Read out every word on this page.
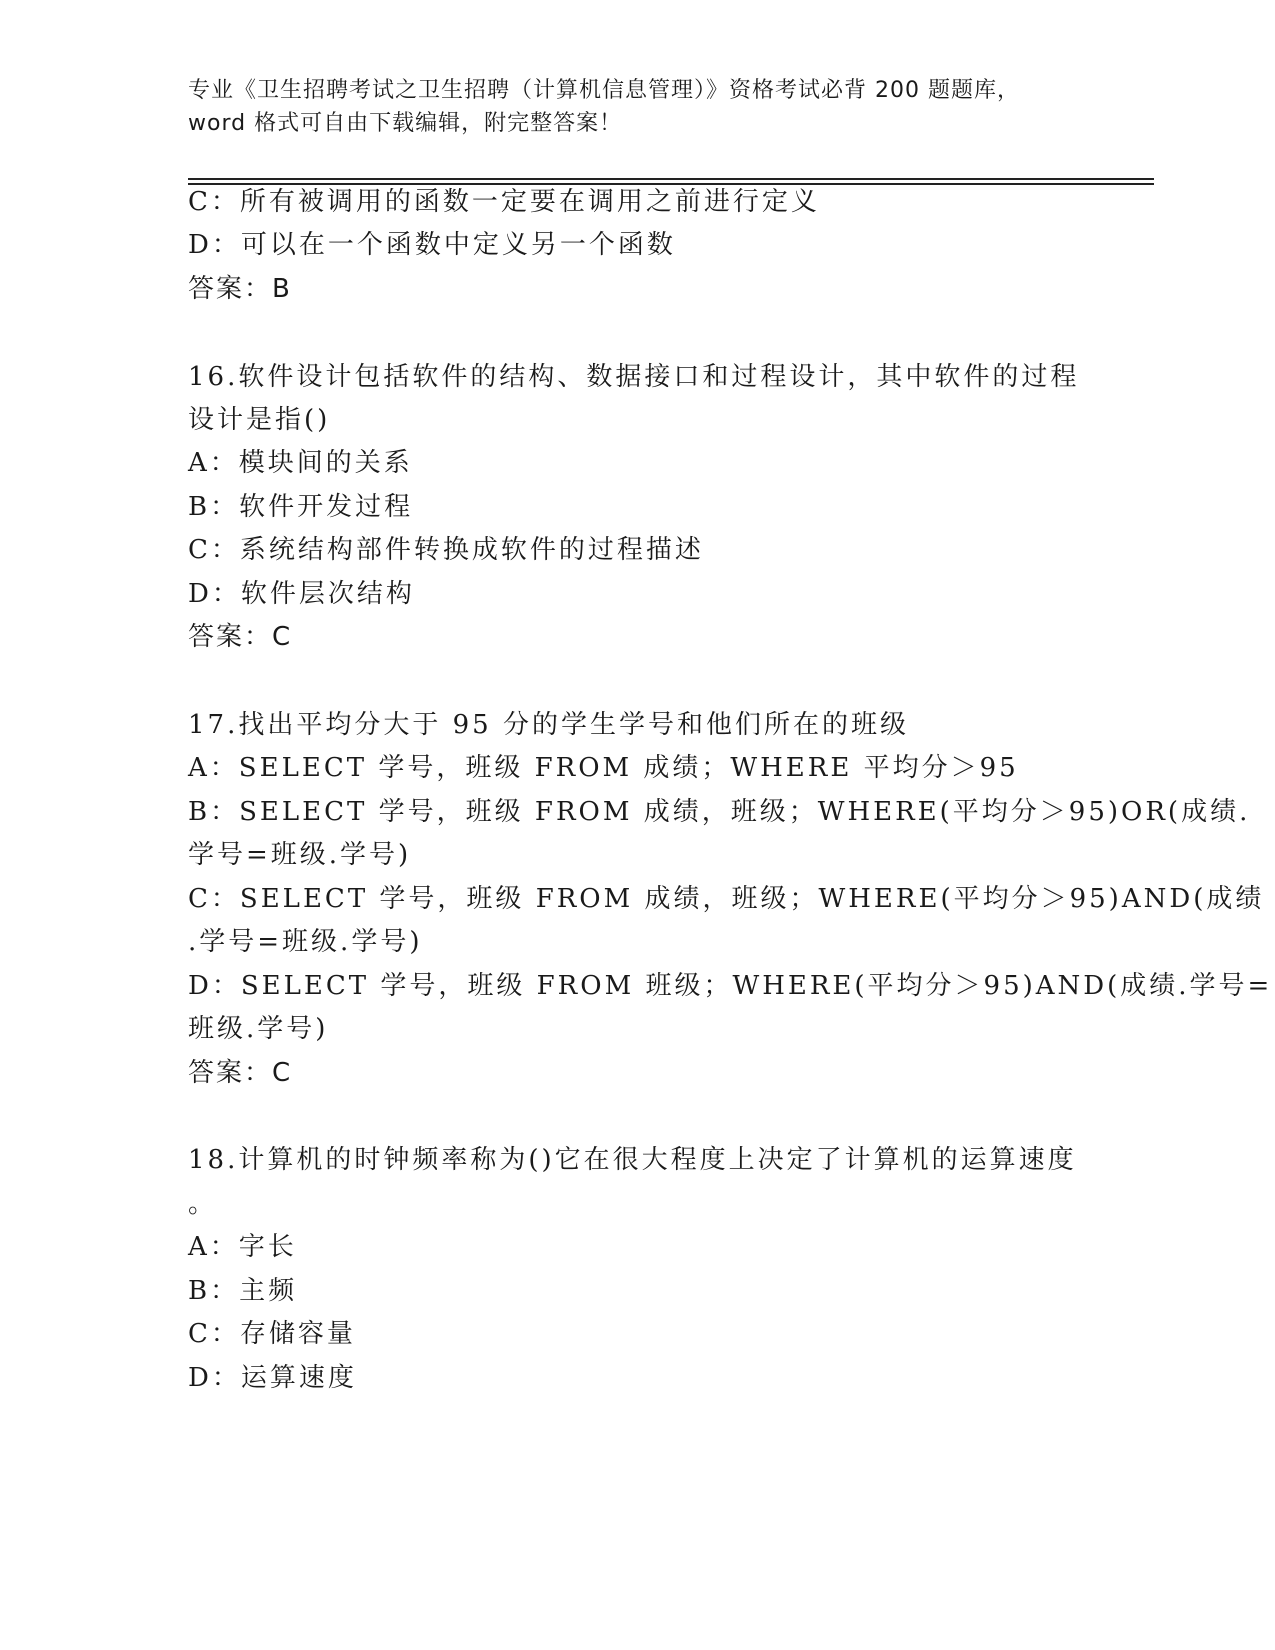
专业《卫生招聘考试之卫生招聘（计算机信息管理）》资格考试必背 200 题题库，
word 格式可自由下载编辑，附完整答案！
C：所有被调用的函数一定要在调用之前进行定义
D：可以在一个函数中定义另一个函数
答案：B
16.软件设计包括软件的结构、数据接口和过程设计，其中软件的过程
设计是指()
A：模块间的关系
B：软件开发过程
C：系统结构部件转换成软件的过程描述
D：软件层次结构
答案：C
17.找出平均分大于 95 分的学生学号和他们所在的班级
A：SELECT 学号，班级 FROM 成绩；WHERE 平均分＞95
B：SELECT 学号，班级 FROM 成绩，班级；WHERE(平均分＞95)OR(成绩.
学号=班级.学号)
C：SELECT 学号，班级 FROM 成绩，班级；WHERE(平均分＞95)AND(成绩
.学号=班级.学号)
D：SELECT 学号，班级 FROM 班级；WHERE(平均分＞95)AND(成绩.学号=
班级.学号)
答案：C
18.计算机的时钟频率称为()它在很大程度上决定了计算机的运算速度
。
A：字长
B：主频
C：存储容量
D：运算速度
